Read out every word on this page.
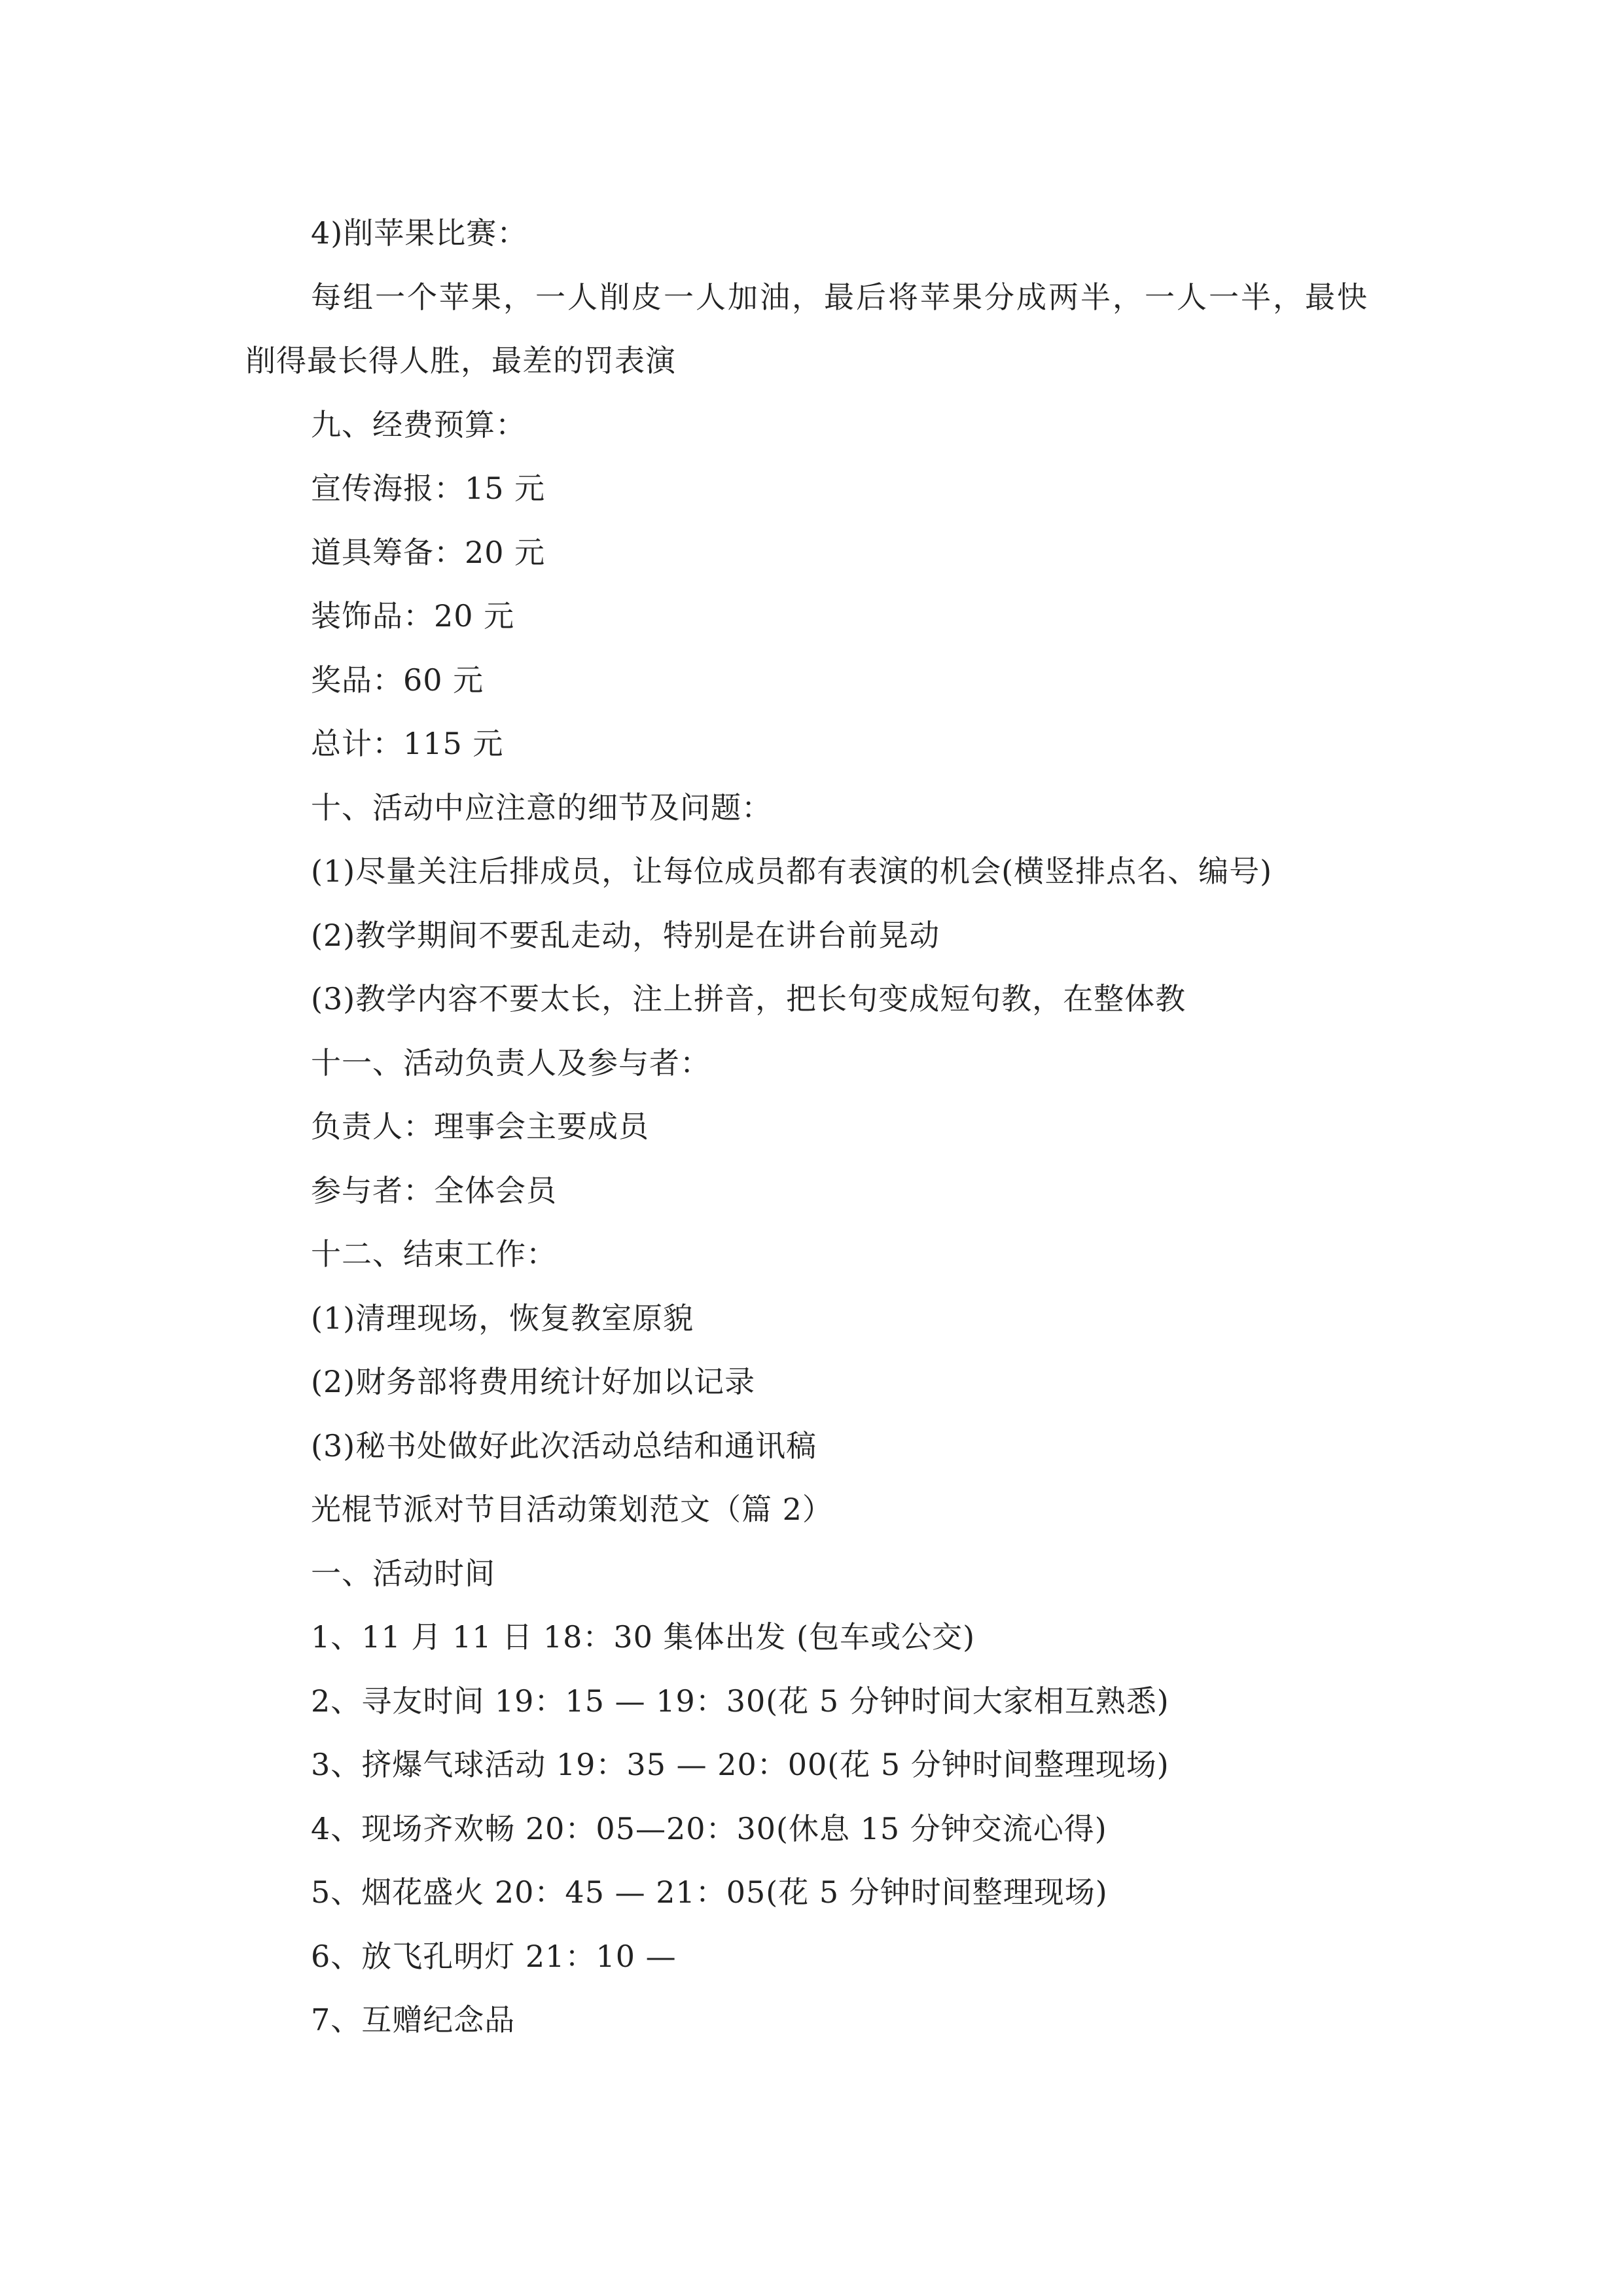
4)削苹果比赛：
每组一个苹果，一人削皮一人加油，最后将苹果分成两半，一人一半，最快
削得最长得人胜，最差的罚表演
九、经费预算：
宣传海报：15 元
道具筹备：20 元
装饰品：20 元
奖品：60 元
总计：115 元
十、活动中应注意的细节及问题：
(1)尽量关注后排成员，让每位成员都有表演的机会(横竖排点名、编号)
(2)教学期间不要乱走动，特别是在讲台前晃动
(3)教学内容不要太长，注上拼音，把长句变成短句教，在整体教
十一、活动负责人及参与者：
负责人：理事会主要成员
参与者：全体会员
十二、结束工作：
(1)清理现场，恢复教室原貌
(2)财务部将费用统计好加以记录
(3)秘书处做好此次活动总结和通讯稿
光棍节派对节目活动策划范文（篇 2）
一、活动时间
1、11 月 11 日 18：30 集体出发 (包车或公交)
2、寻友时间 19：15 — 19：30(花 5 分钟时间大家相互熟悉)
3、挤爆气球活动 19：35 — 20：00(花 5 分钟时间整理现场)
4、现场齐欢畅 20：05—20：30(休息 15 分钟交流心得)
5、烟花盛火 20：45 — 21：05(花 5 分钟时间整理现场)
6、放飞孔明灯 21：10 —
7、互赠纪念品
